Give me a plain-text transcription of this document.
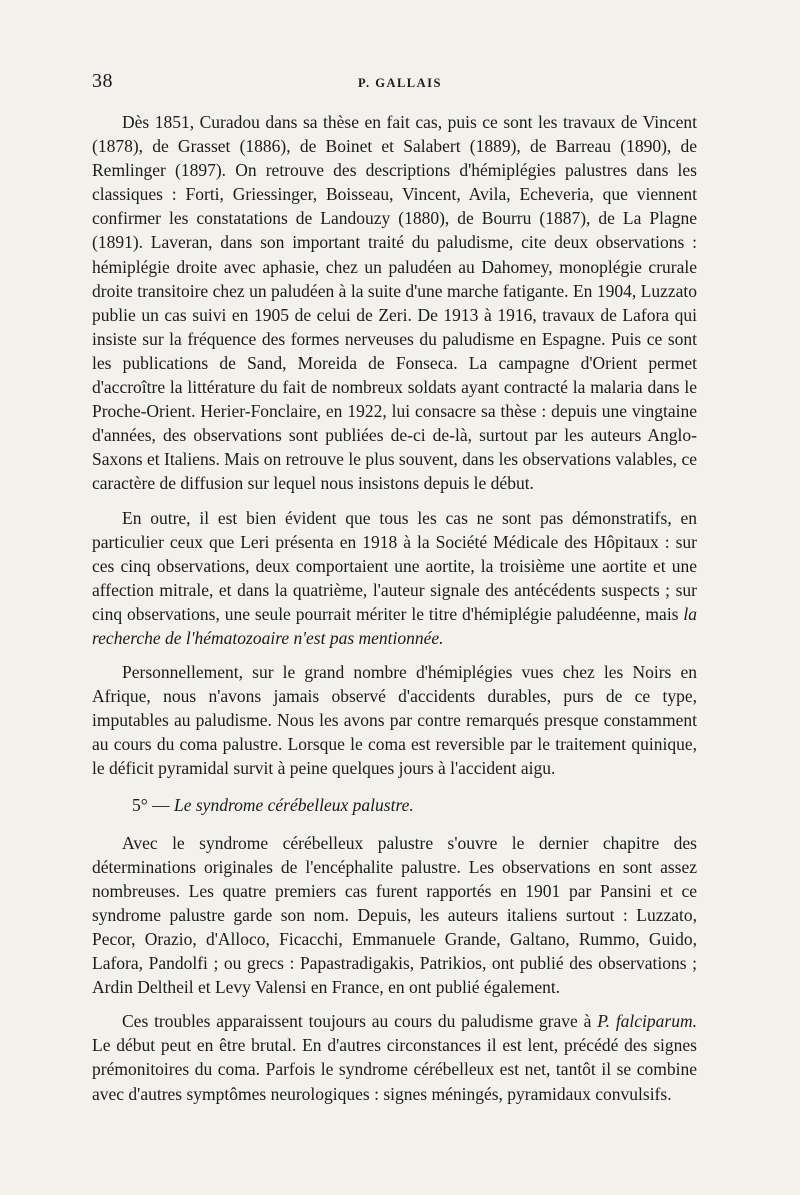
38	P. GALLAIS

Dès 1851, Curadou dans sa thèse en fait cas, puis ce sont les travaux de Vincent (1878), de Grasset (1886), de Boinet et Salabert (1889), de Barreau (1890), de Remlinger (1897). On retrouve des descriptions d'hémiplégies palustres dans les classiques : Forti, Griessinger, Boisseau, Vincent, Avila, Echeveria, que viennent confirmer les constatations de Landouzy (1880), de Bourru (1887), de La Plagne (1891). Laveran, dans son important traité du paludisme, cite deux observations : hémiplégie droite avec aphasie, chez un paludéen au Dahomey, monoplégie crurale droite transitoire chez un paludéen à la suite d'une marche fatigante. En 1904, Luzzato publie un cas suivi en 1905 de celui de Zeri. De 1913 à 1916, travaux de Lafora qui insiste sur la fréquence des formes nerveuses du paludisme en Espagne. Puis ce sont les publications de Sand, Moreida de Fonseca. La campagne d'Orient permet d'accroître la littérature du fait de nombreux soldats ayant contracté la malaria dans le Proche-Orient. Herier-Fonclaire, en 1922, lui consacre sa thèse : depuis une vingtaine d'années, des observations sont publiées de-ci de-là, surtout par les auteurs Anglo-Saxons et Italiens. Mais on retrouve le plus souvent, dans les observations valables, ce caractère de diffusion sur lequel nous insistons depuis le début.

En outre, il est bien évident que tous les cas ne sont pas démonstratifs, en particulier ceux que Leri présenta en 1918 à la Société Médicale des Hôpitaux : sur ces cinq observations, deux comportaient une aortite, la troisième une aortite et une affection mitrale, et dans la quatrième, l'auteur signale des antécédents suspects ; sur cinq observations, une seule pourrait mériter le titre d'hémiplégie paludéenne, mais la recherche de l'hématozoaire n'est pas mentionnée.

Personnellement, sur le grand nombre d'hémiplégies vues chez les Noirs en Afrique, nous n'avons jamais observé d'accidents durables, purs de ce type, imputables au paludisme. Nous les avons par contre remarqués presque constamment au cours du coma palustre. Lorsque le coma est reversible par le traitement quinique, le déficit pyramidal survit à peine quelques jours à l'accident aigu.

5° — Le syndrome cérébelleux palustre.

Avec le syndrome cérébelleux palustre s'ouvre le dernier chapitre des déterminations originales de l'encéphalite palustre. Les observations en sont assez nombreuses. Les quatre premiers cas furent rapportés en 1901 par Pansini et ce syndrome palustre garde son nom. Depuis, les auteurs italiens surtout : Luzzato, Pecor, Orazio, d'Alloco, Ficacchi, Emmanuele Grande, Galtano, Rummo, Guido, Lafora, Pandolfi ; ou grecs : Papastradigakis, Patrikios, ont publié des observations ; Ardin Deltheil et Levy Valensi en France, en ont publié également.

Ces troubles apparaissent toujours au cours du paludisme grave à P. falciparum. Le début peut en être brutal. En d'autres circonstances il est lent, précédé des signes prémonitoires du coma. Parfois le syndrome cérébelleux est net, tantôt il se combine avec d'autres symptômes neurologiques : signes méningés, pyramidaux convulsifs.
